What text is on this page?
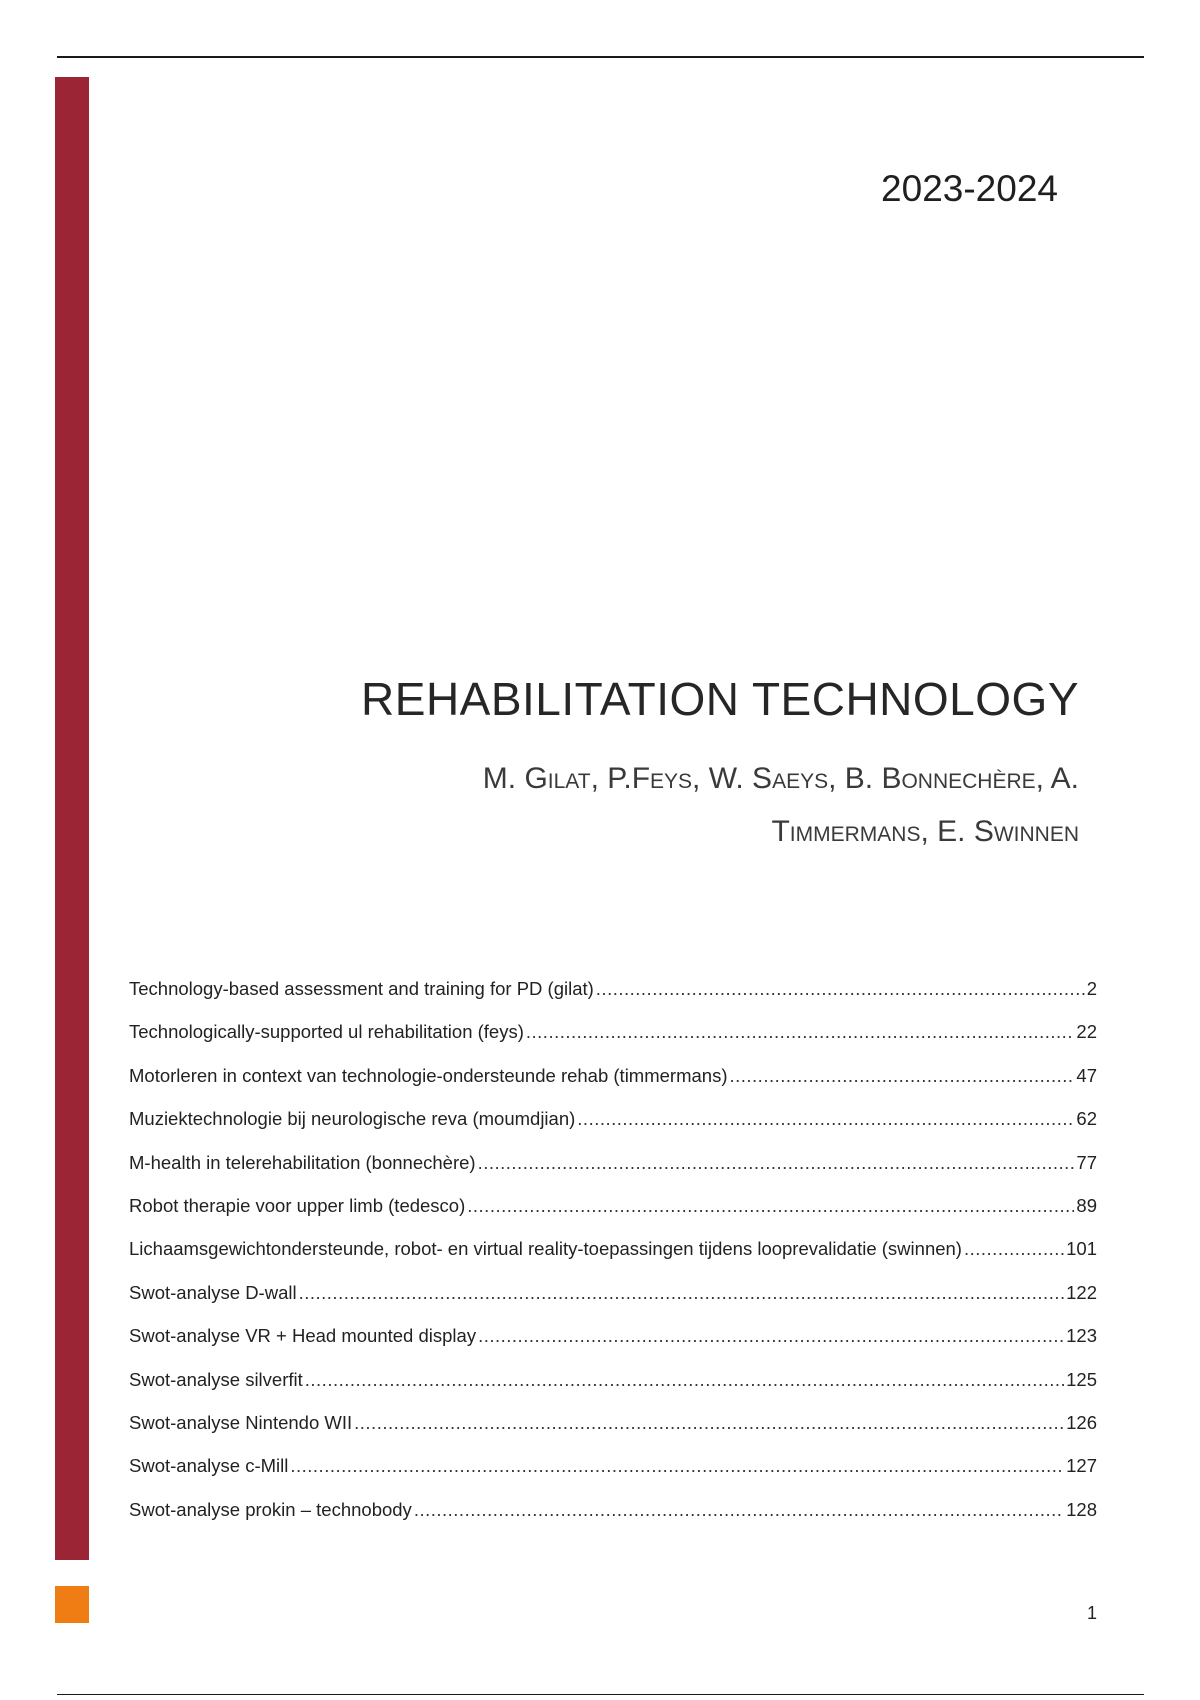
2023-2024
REHABILITATION TECHNOLOGY
M. Gilat, P.Feys, W. Saeys, B. Bonnechère, A.
Timmermans, E. Swinnen
Technology-based assessment and training for PD (gilat) .....	2
Technologically-supported ul rehabilitation (feys) .....	22
Motorleren in context van technologie-ondersteunde rehab (timmermans) .....	47
Muziektechnologie bij neurologische reva (moumdjian) .....	62
M-health in telerehabilitation (bonnechère) .....	77
Robot therapie voor upper limb (tedesco) .....	89
Lichaamsgewichtondersteunde, robot- en virtual reality-toepassingen tijdens looprevalidatie (swinnen) .....	101
Swot-analyse D-wall .....	122
Swot-analyse VR + Head mounted display .....	123
Swot-analyse silverfit .....	125
Swot-analyse Nintendo WII .....	126
Swot-analyse c-Mill .....	127
Swot-analyse prokin – technobody .....	128
1
